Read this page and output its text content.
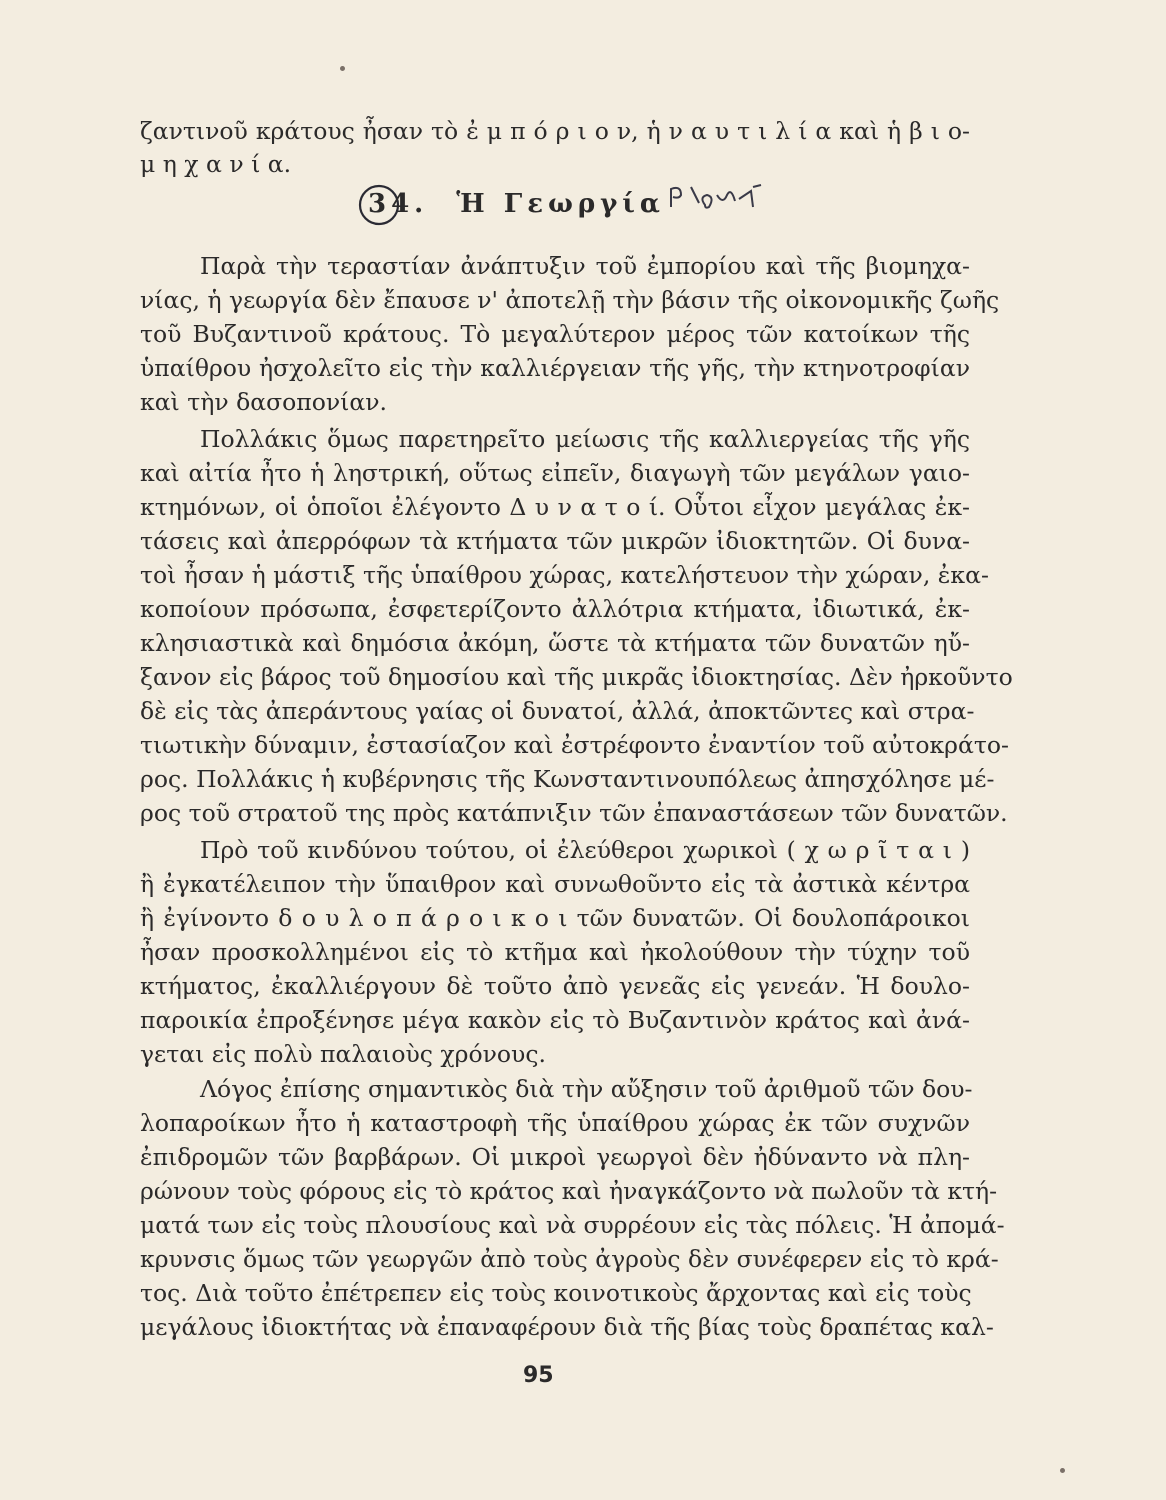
ζαντινοῦ κράτους ἦσαν τὸ ἐ μ π ό ρ ι ο ν, ἡ ν α υ τ ι λ ί α καὶ ἡ β ι ο-
μ η χ α ν ί α.
34. Ἡ Γεωργία
Παρὰ τὴν τεραστίαν ἀνάπτυξιν τοῦ ἐμπορίου καὶ τῆς βιομηχα-
νίας, ἡ γεωργία δὲν ἔπαυσε ν' ἀποτελῇ τὴν βάσιν τῆς οἰκονομικῆς ζωῆς
τοῦ Βυζαντινοῦ κράτους. Τὸ μεγαλύτερον μέρος τῶν κατοίκων τῆς
ὑπαίθρου ἠσχολεῖτο εἰς τὴν καλλιέργειαν τῆς γῆς, τὴν κτηνοτροφίαν
καὶ τὴν δασοπονίαν.
Πολλάκις ὅμως παρετηρεῖτο μείωσις τῆς καλλιεργείας τῆς γῆς
καὶ αἰτία ἦτο ἡ ληστρική, οὕτως εἰπεῖν, διαγωγὴ τῶν μεγάλων γαιο-
κτημόνων, οἱ ὁποῖοι ἐλέγοντο Δ υ ν α τ ο ί. Οὗτοι εἶχον μεγάλας ἐκ-
τάσεις καὶ ἀπερρόφων τὰ κτήματα τῶν μικρῶν ἰδιοκτητῶν. Οἱ δυνα-
τοὶ ἦσαν ἡ μάστιξ τῆς ὑπαίθρου χώρας, κατελήστευον τὴν χώραν, ἐκα-
κοποίουν πρόσωπα, ἐσφετερίζοντο ἀλλότρια κτήματα, ἰδιωτικά, ἐκ-
κλησιαστικὰ καὶ δημόσια ἀκόμη, ὥστε τὰ κτήματα τῶν δυνατῶν ηὔ-
ξανον εἰς βάρος τοῦ δημοσίου καὶ τῆς μικρᾶς ἰδιοκτησίας. Δὲν ἠρκοῦντο
δὲ εἰς τὰς ἀπεράντους γαίας οἱ δυνατοί, ἀλλά, ἀποκτῶντες καὶ στρα-
τιωτικὴν δύναμιν, ἐστασίαζον καὶ ἐστρέφοντο ἐναντίον τοῦ αὐτοκράτο-
ρος. Πολλάκις ἡ κυβέρνησις τῆς Κωνσταντινουπόλεως ἀπησχόλησε μέ-
ρος τοῦ στρατοῦ της πρὸς κατάπνιξιν τῶν ἐπαναστάσεων τῶν δυνατῶν.
Πρὸ τοῦ κινδύνου τούτου, οἱ ἐλεύθεροι χωρικοὶ ( χ ω ρ ῖ τ α ι )
ἢ ἐγκατέλειπον τὴν ὕπαιθρον καὶ συνωθοῦντο εἰς τὰ ἀστικὰ κέντρα
ἢ ἐγίνοντο δ ο υ λ ο π ά ρ ο ι κ ο ι τῶν δυνατῶν. Οἱ δουλοπάροικοι
ἦσαν προσκολλημένοι εἰς τὸ κτῆμα καὶ ἠκολούθουν τὴν τύχην τοῦ
κτήματος, ἐκαλλιέργουν δὲ τοῦτο ἀπὸ γενεᾶς εἰς γενεάν. Ἡ δουλο-
παροικία ἐπροξένησε μέγα κακὸν εἰς τὸ Βυζαντινὸν κράτος καὶ ἀνά-
γεται εἰς πολὺ παλαιοὺς χρόνους.
Λόγος ἐπίσης σημαντικὸς διὰ τὴν αὔξησιν τοῦ ἀριθμοῦ τῶν δου-
λοπαροίκων ἦτο ἡ καταστροφὴ τῆς ὑπαίθρου χώρας ἐκ τῶν συχνῶν
ἐπιδρομῶν τῶν βαρβάρων. Οἱ μικροὶ γεωργοὶ δὲν ἠδύναντο νὰ πλη-
ρώνουν τοὺς φόρους εἰς τὸ κράτος καὶ ἠναγκάζοντο νὰ πωλοῦν τὰ κτή-
ματά των εἰς τοὺς πλουσίους καὶ νὰ συρρέουν εἰς τὰς πόλεις. Ἡ ἀπομά-
κρυνσις ὅμως τῶν γεωργῶν ἀπὸ τοὺς ἀγροὺς δὲν συνέφερεν εἰς τὸ κρά-
τος. Διὰ τοῦτο ἐπέτρεπεν εἰς τοὺς κοινοτικοὺς ἄρχοντας καὶ εἰς τοὺς
μεγάλους ἰδιοκτήτας νὰ ἐπαναφέρουν διὰ τῆς βίας τοὺς δραπέτας καλ-
95
